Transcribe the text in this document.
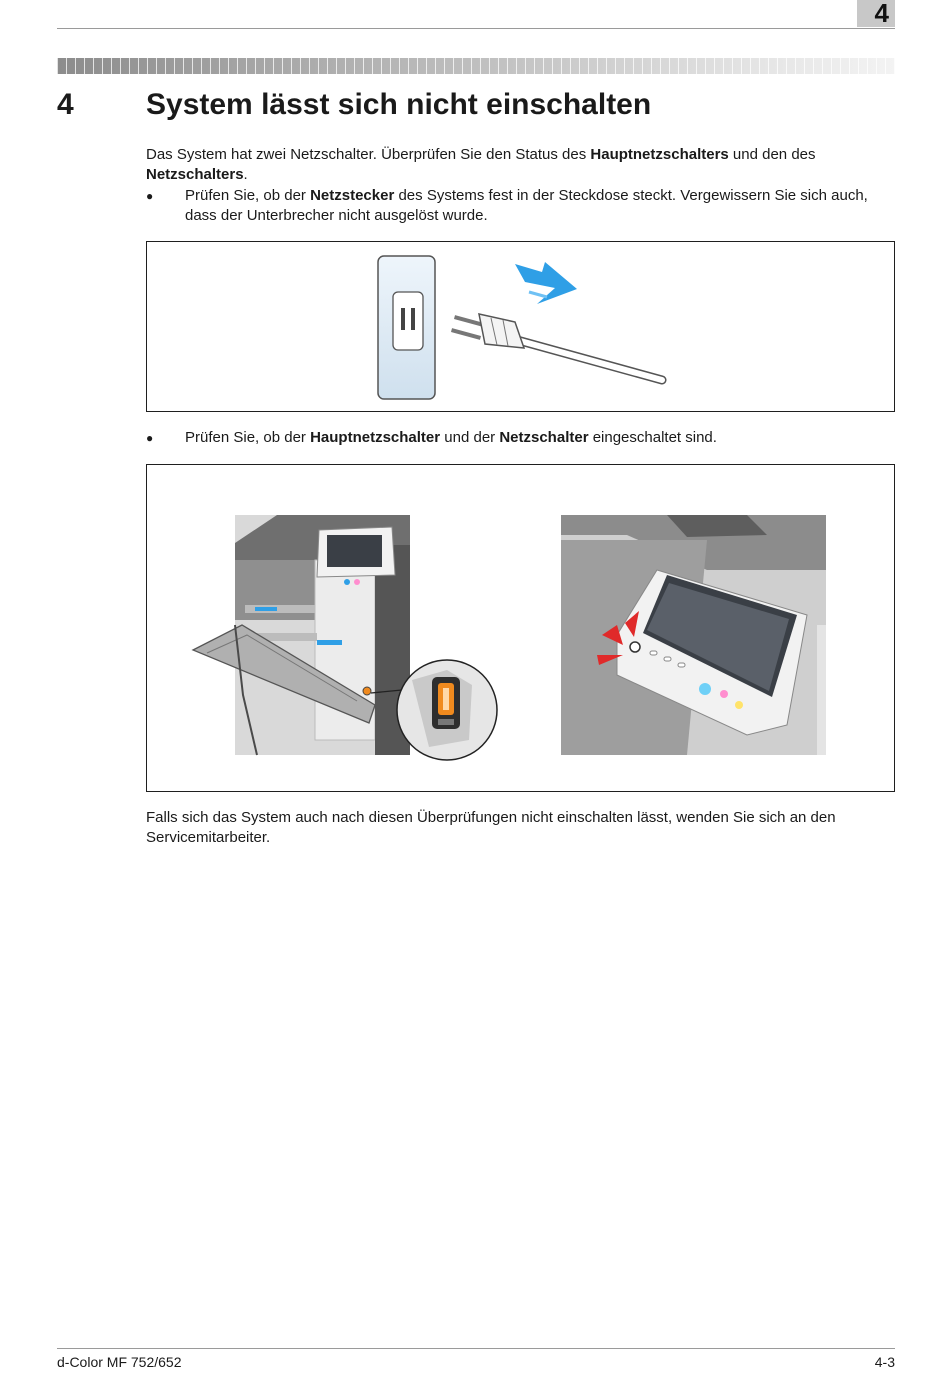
4
4 System lässt sich nicht einschalten
Das System hat zwei Netzschalter. Überprüfen Sie den Status des Hauptnetzschalters und den des Netzschalters.
● Prüfen Sie, ob der Netzstecker des Systems fest in der Steckdose steckt. Vergewissern Sie sich auch, dass der Unterbrecher nicht ausgelöst wurde.
● Prüfen Sie, ob der Hauptnetzschalter und der Netzschalter eingeschaltet sind.
Falls sich das System auch nach diesen Überprüfungen nicht einschalten lässt, wenden Sie sich an den Servicemitarbeiter.
d-Color MF 752/652	4-3
